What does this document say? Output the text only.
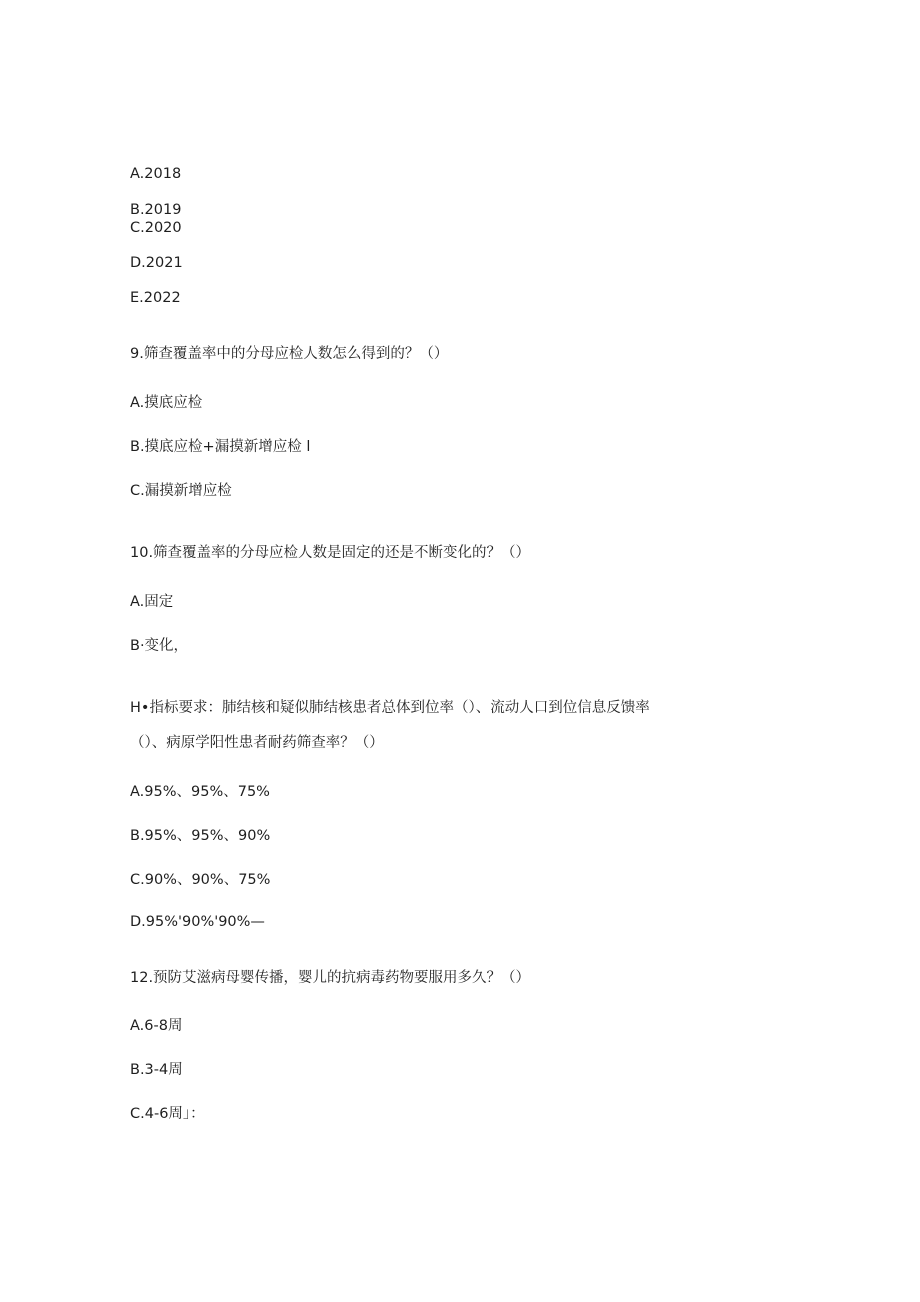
A.2018
B.2019
C.2020
D.2021
E.2022
9.筛查覆盖率中的分母应检人数怎么得到的？（）
A.摸底应检
B.摸底应检+漏摸新增应检 l
C.漏摸新增应检
10.筛查覆盖率的分母应检人数是固定的还是不断变化的？（）
A.固定
B·变化，
H•指标要求：肺结核和疑似肺结核患者总体到位率（）、流动人口到位信息反馈率
（）、病原学阳性患者耐药筛查率？（）
A.95%、95%、75%
B.95%、95%、90%
C.90%、90%、75%
D.95%'90%'90%—
12.预防艾滋病母婴传播，婴儿的抗病毒药物要服用多久？（）
A.6-8周
B.3-4周
C.4-6周」：
